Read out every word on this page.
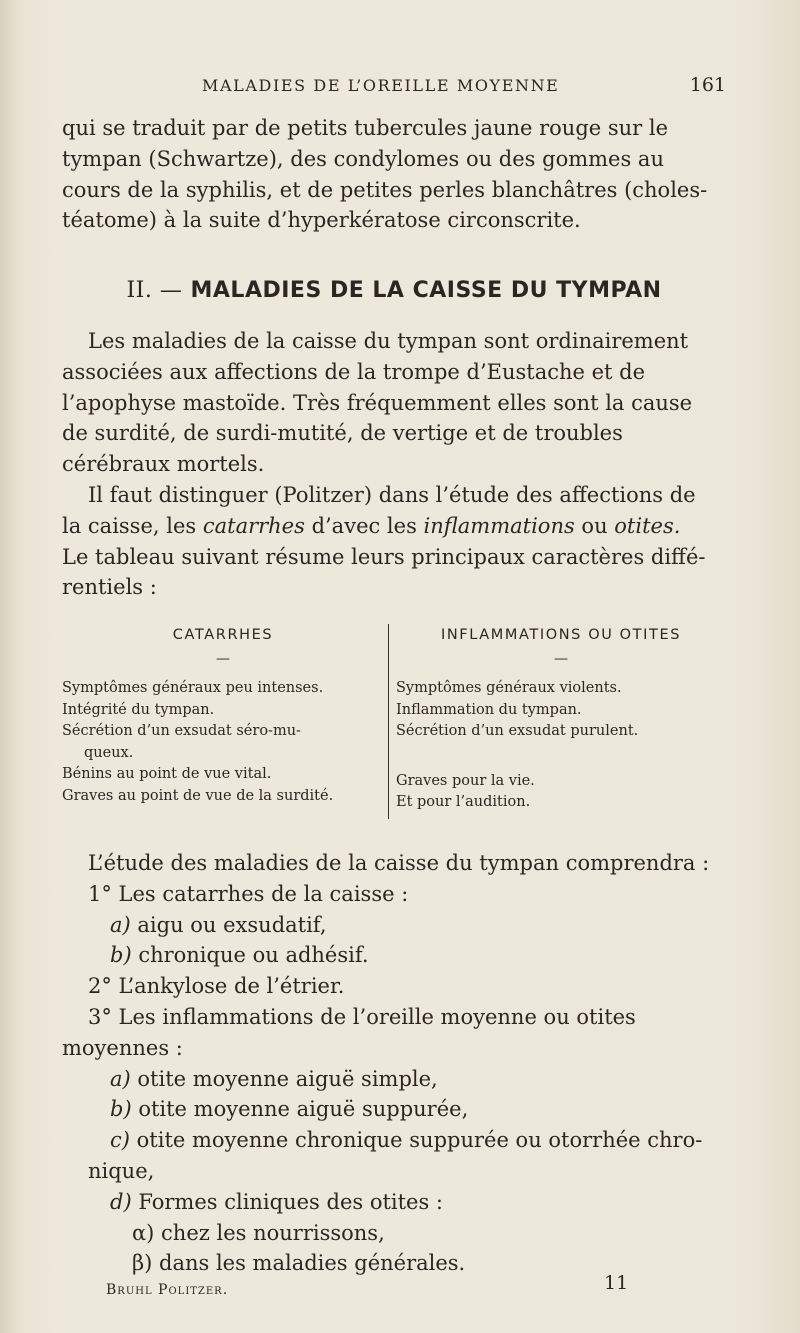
MALADIES DE L’OREILLE MOYENNE	161

qui se traduit par de petits tubercules jaune rouge sur le

tympan (Schwartze), des condylomes ou des gommes au

cours de la syphilis, et de petites perles blanchâtres (choles-

téatome) à la suite d’hyperkératose circonscrite.

II. — MALADIES DE LA CAISSE DU TYMPAN

Les maladies de la caisse du tympan sont ordinairement

associées aux affections de la trompe d’Eustache et de

l’apophyse mastoïde. Très fréquemment elles sont la cause

de surdité, de surdi-mutité, de vertige et de troubles

cérébraux mortels.

Il faut distinguer (Politzer) dans l’étude des affections de

la caisse, les catarrhes d’avec les inflammations ou otites.

Le tableau suivant résume leurs principaux caractères diffé-

rentiels :

CATARRHES
—

Symptômes généraux peu intenses.

Intégrité du tympan.

Sécrétion d’un exsudat séro-mu-

queux.

Bénins au point de vue vital.

Graves au point de vue de la surdité.

INFLAMMATIONS OU OTITES
—

Symptômes généraux violents.

Inflammation du tympan.

Sécrétion d’un exsudat purulent.

Graves pour la vie.

Et pour l’audition.

L’étude des maladies de la caisse du tympan comprendra :

1° Les catarrhes de la caisse :

a) aigu ou exsudatif,

b) chronique ou adhésif.

2° L’ankylose de l’étrier.

3° Les inflammations de l’oreille moyenne ou otites

moyennes :

a) otite moyenne aiguë simple,

b) otite moyenne aiguë suppurée,

c) otite moyenne chronique suppurée ou otorrhée chro-

nique,

d) Formes cliniques des otites :

α) chez les nourrissons,

β) dans les maladies générales.

Bruhl Politzer.	11
